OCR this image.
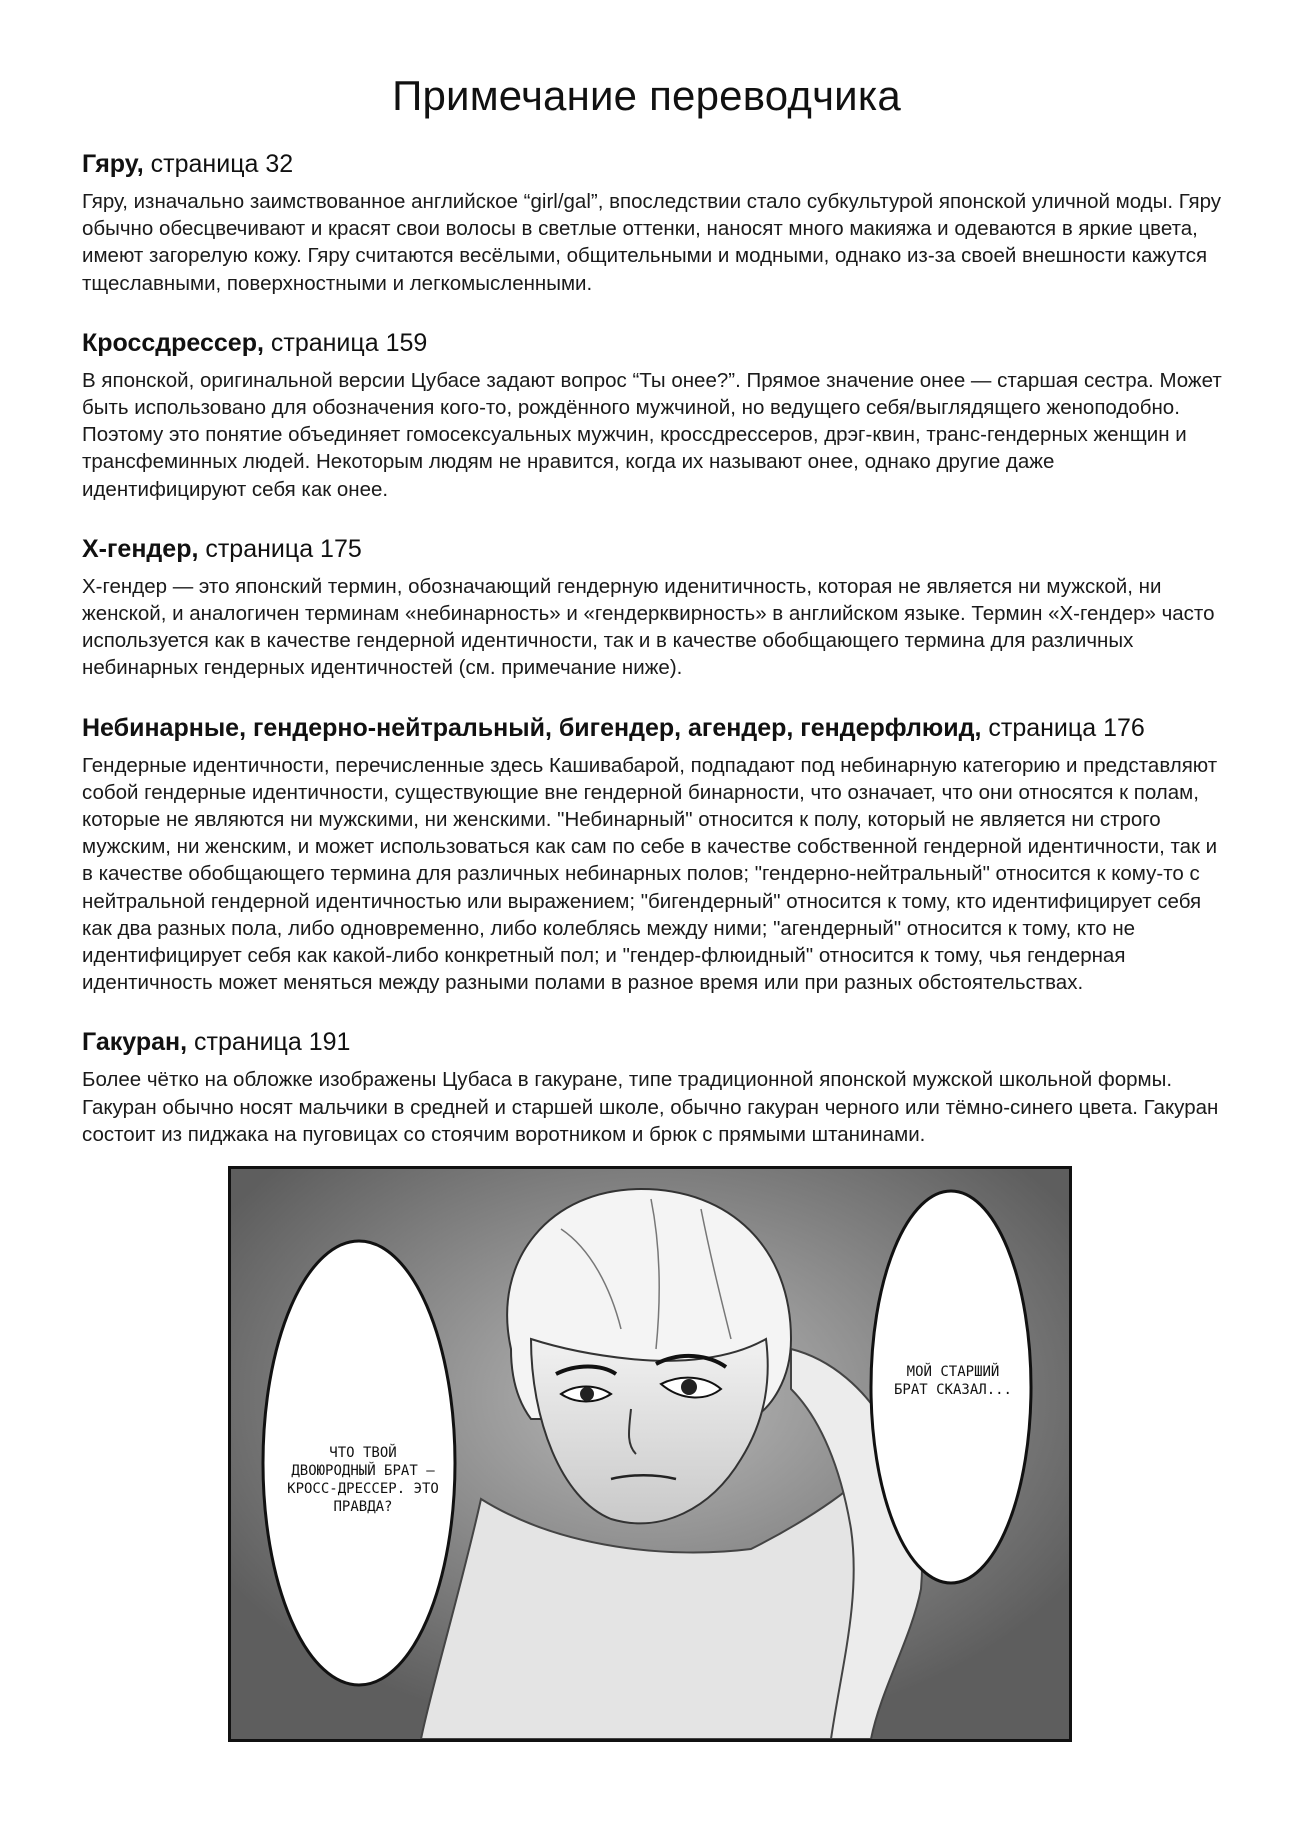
Примечание переводчика
Гяру, страница 32

Гяру, изначально заимствованное английское “girl/gal”, впоследствии стало субкультурой японской уличной моды. Гяру обычно обесцвечивают и красят свои волосы в светлые оттенки, наносят много макияжа и одеваются в яркие цвета, имеют загорелую кожу. Гяру считаются весёлыми, общительными и модными, однако из-за своей внешности кажутся тщеславными, поверхностными и легкомысленными.

Кроссдрессер, страница 159

В японской, оригинальной версии Цубасе задают вопрос “Ты онее?”. Прямое значение онее — старшая сестра. Может быть использовано для обозначения кого-то, рождённого мужчиной, но ведущего себя/выглядящего женоподобно. Поэтому это понятие объединяет гомосексуальных мужчин, кроссдрессеров, дрэг-квин, транс-гендерных женщин и трансфеминных людей. Некоторым людям не нравится, когда их называют онее, однако другие даже идентифицируют себя как онее.

Х-гендер, страница 175

Х-гендер — это японский термин, обозначающий гендерную иденитичность, которая не является ни мужской, ни женской, и аналогичен терминам «небинарность» и «гендерквирность» в английском языке. Термин «Х-гендер» часто используется как в качестве гендерной идентичности, так и в качестве обобщающего термина для различных небинарных гендерных идентичностей (см. примечание ниже).

Небинарные, гендерно-нейтральный, бигендер, агендер, гендерфлюид, страница 176

Гендерные идентичности, перечисленные здесь Кашивабарой, подпадают под небинарную категорию и представляют собой гендерные идентичности, существующие вне гендерной бинарности, что означает, что они относятся к полам, которые не являются ни мужскими, ни женскими. "Небинарный" относится к полу, который не является ни строго мужским, ни женским, и может использоваться как сам по себе в качестве собственной гендерной идентичности, так и в качестве обобщающего термина для различных небинарных полов; "гендерно-нейтральный" относится к кому-то с нейтральной гендерной идентичностью или выражением; "бигендерный" относится к тому, кто идентифицирует себя как два разных пола, либо одновременно, либо колеблясь между ними; "агендерный" относится к тому, кто не идентифицирует себя как какой-либо конкретный пол; и "гендер-флюидный" относится к тому, чья гендерная идентичность может меняться между разными полами в разное время или при разных обстоятельствах.

Гакуран, страница 191

Более чётко на обложке изображены Цубаса в гакуране, типе традиционной японской мужской школьной формы. Гакуран обычно носят мальчики в средней и старшей школе, обычно гакуран черного или тёмно-синего цвета. Гакуран состоит из пиджака на пуговицах со стоячим воротником и брюк с прямыми штанинами.

ЧТО ТВОЙ ДВОЮРОДНЫЙ БРАТ – КРОСС-ДРЕССЕР. ЭТО ПРАВДА?
МОЙ СТАРШИЙ БРАТ СКАЗАЛ...
